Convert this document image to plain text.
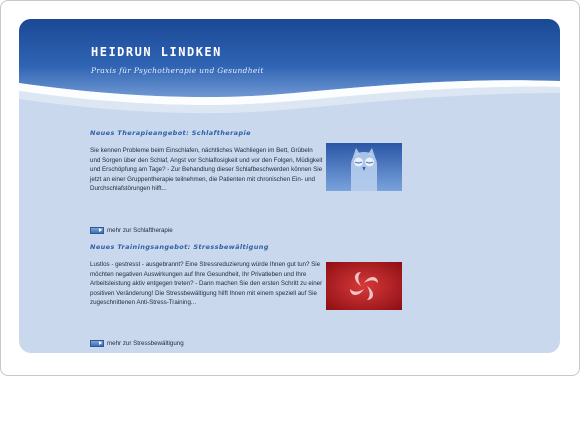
HEIDRUN LINDKEN
Praxis für Psychotherapie und Gesundheit
Neues Therapieangebot: Schlaftherapie

Sie kennen Probleme beim Einschlafen, nächtliches Wachliegen im Bett, Grübeln und Sorgen über den Schlaf, Angst vor Schlaflosigkeit und vor den Folgen, Müdigkeit und Erschöpfung am Tage? - Zur Behandlung dieser Schlafbeschwerden können Sie jetzt an einer Gruppentherapie teilnehmen, die Patienten mit chronischen Ein- und Durchschlafstörungen hilft...

mehr zur Schlaftherapie
Neues Trainingsangebot: Stressbewältigung

Lustlos - gestresst - ausgebrannt? Eine Stressreduzierung würde Ihnen gut tun? Sie möchten negativen Auswirkungen auf Ihre Gesundheit, Ihr Privatleben und Ihre Arbeitsleistung aktiv entgegen treten? - Dann machen Sie den ersten Schritt zu einer positiven Veränderung! Die Stressbewältigung hilft Ihnen mit einem speziell auf Sie zugeschnittenen Anti-Stress-Training...

mehr zur Stressbewältigung
